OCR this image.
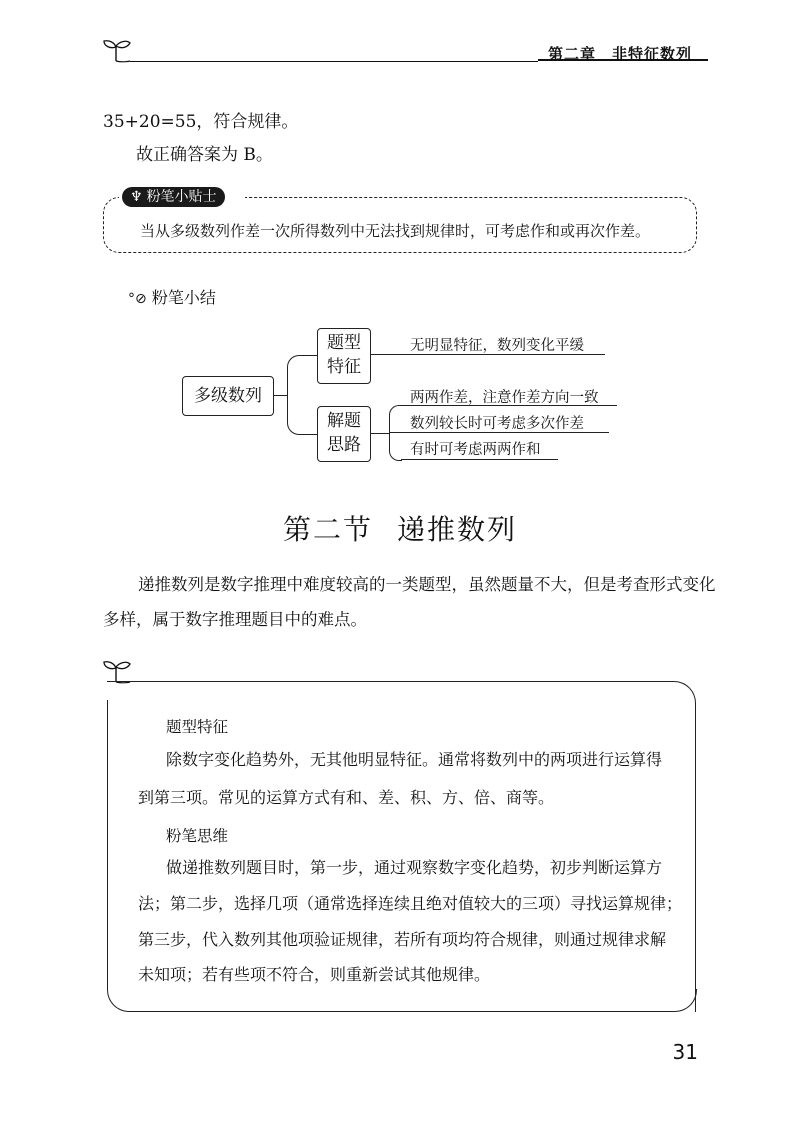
第二章　非特征数列
35+20=55，符合规律。
故正确答案为 B。
♆ 粉笔小贴士
当从多级数列作差一次所得数列中无法找到规律时，可考虑作和或再次作差。
°⊘ 粉笔小结
多级数列
题型
特征
无明显特征，数列变化平缓
解题
思路
两两作差，注意作差方向一致
数列较长时可考虑多次作差
有时可考虑两两作和
第二节 递推数列
递推数列是数字推理中难度较高的一类题型，虽然题量不大，但是考查形式变化
多样，属于数字推理题目中的难点。
题型特征
除数字变化趋势外，无其他明显特征。通常将数列中的两项进行运算得
到第三项。常见的运算方式有和、差、积、方、倍、商等。
粉笔思维
做递推数列题目时，第一步，通过观察数字变化趋势，初步判断运算方
法；第二步，选择几项（通常选择连续且绝对值较大的三项）寻找运算规律；
第三步，代入数列其他项验证规律，若所有项均符合规律，则通过规律求解
未知项；若有些项不符合，则重新尝试其他规律。
31
